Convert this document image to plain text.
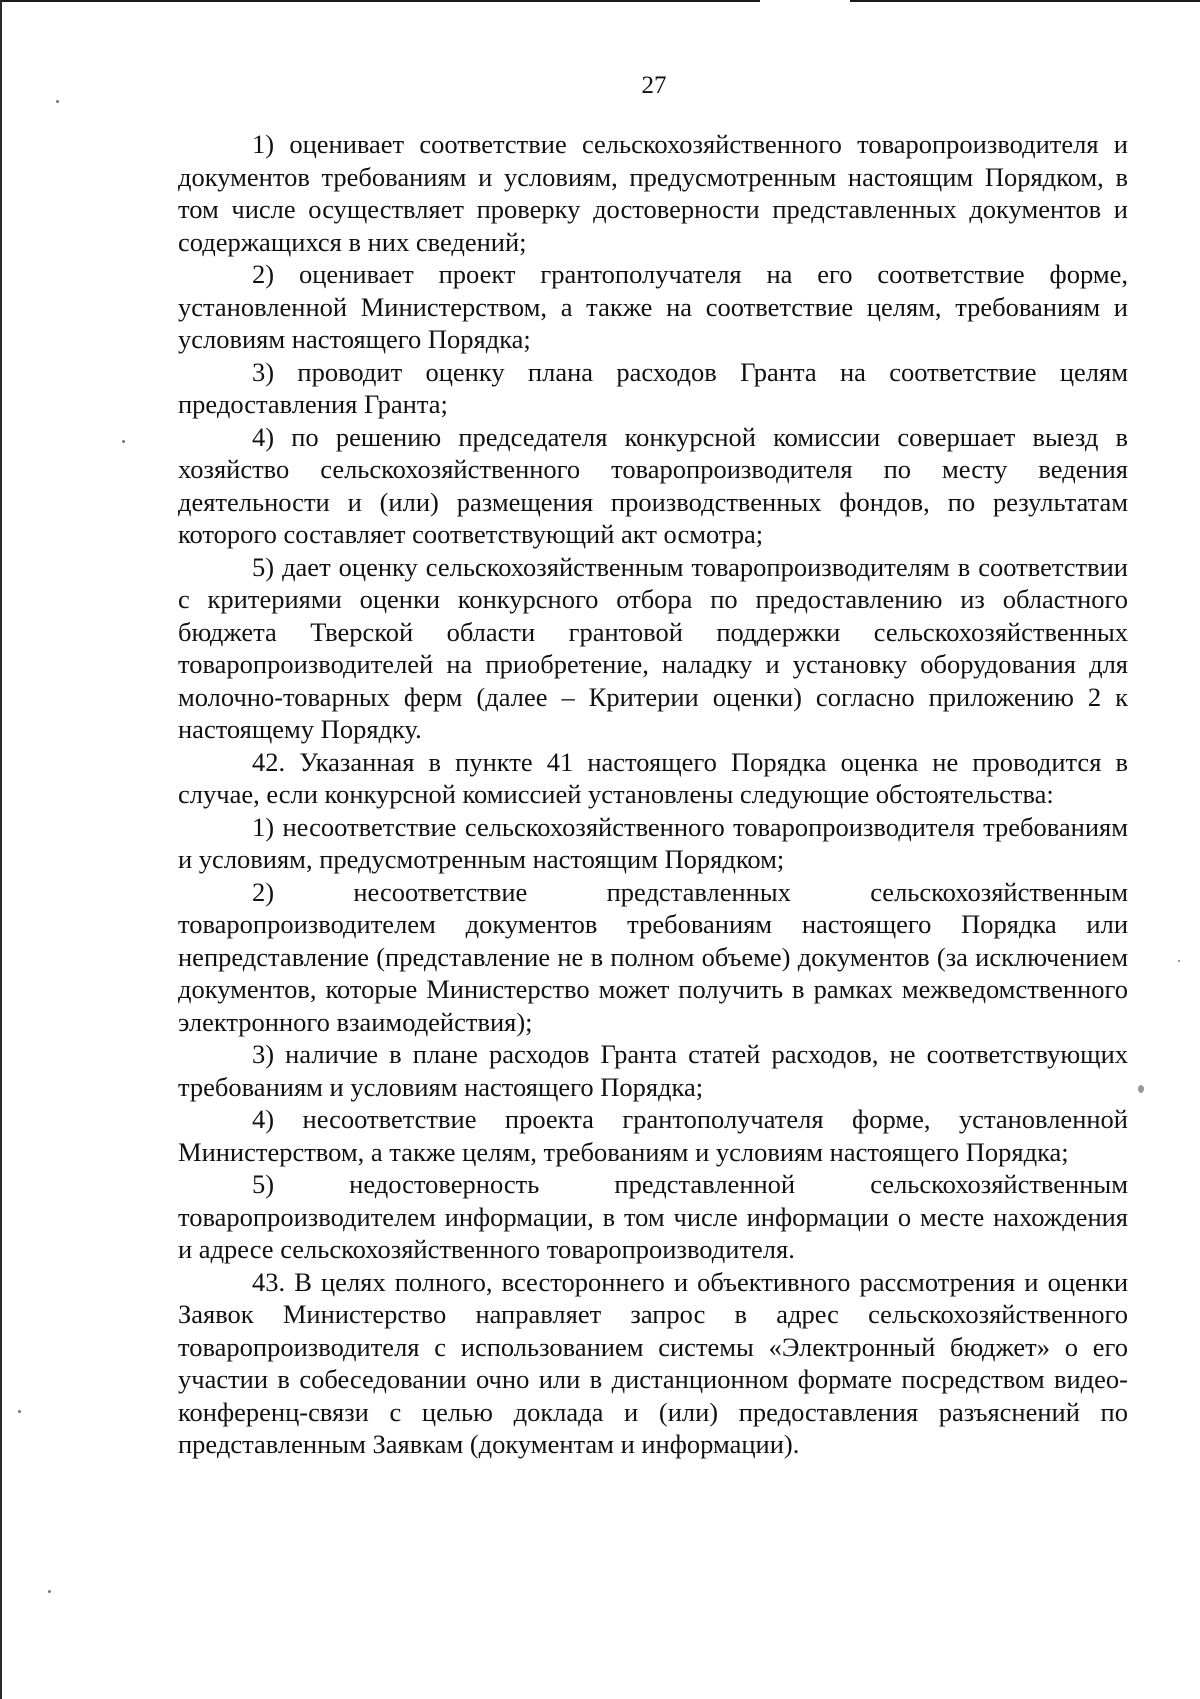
27

1) оценивает соответствие сельскохозяйственного товаропроизводителя и документов требованиям и условиям, предусмотренным настоящим Порядком, в том числе осуществляет проверку достоверности представленных документов и содержащихся в них сведений;

2) оценивает проект грантополучателя на его соответствие форме, установленной Министерством, а также на соответствие целям, требованиям и условиям настоящего Порядка;

3) проводит оценку плана расходов Гранта на соответствие целям предоставления Гранта;

4) по решению председателя конкурсной комиссии совершает выезд в хозяйство сельскохозяйственного товаропроизводителя по месту ведения деятельности и (или) размещения производственных фондов, по результатам которого составляет соответствующий акт осмотра;

5) дает оценку сельскохозяйственным товаропроизводителям в соответствии с критериями оценки конкурсного отбора по предоставлению из областного бюджета Тверской области грантовой поддержки сельскохозяйственных товаропроизводителей на приобретение, наладку и установку оборудования для молочно-товарных ферм (далее – Критерии оценки) согласно приложению 2 к настоящему Порядку.

42. Указанная в пункте 41 настоящего Порядка оценка не проводится в случае, если конкурсной комиссией установлены следующие обстоятельства:

1) несоответствие сельскохозяйственного товаропроизводителя требованиям и условиям, предусмотренным настоящим Порядком;

2) несоответствие представленных сельскохозяйственным товаропроизводителем документов требованиям настоящего Порядка или непредставление (представление не в полном объеме) документов (за исключением документов, которые Министерство может получить в рамках межведомственного электронного взаимодействия);

3) наличие в плане расходов Гранта статей расходов, не соответствующих требованиям и условиям настоящего Порядка;

4) несоответствие проекта грантополучателя форме, установленной Министерством, а также целям, требованиям и условиям настоящего Порядка;

5) недостоверность представленной сельскохозяйственным товаропроизводителем информации, в том числе информации о месте нахождения и адресе сельскохозяйственного товаропроизводителя.

43. В целях полного, всестороннего и объективного рассмотрения и оценки Заявок Министерство направляет запрос в адрес сельскохозяйственного товаропроизводителя с использованием системы «Электронный бюджет» о его участии в собеседовании очно или в дистанционном формате посредством видео-конференц-связи с целью доклада и (или) предоставления разъяснений по представленным Заявкам (документам и информации).
